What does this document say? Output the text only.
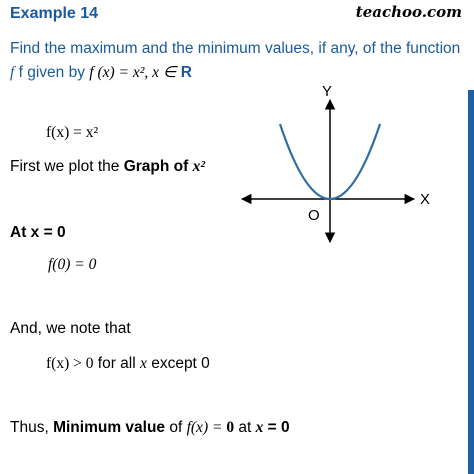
Example 14	teachoo.com
Find the maximum and the minimum values, if any, of the function
f f given by f (x) = x², x ∈ R
f(x) = x²
First we plot the Graph of x²
At x = 0
f(0) = 0
And, we note that
f(x) > 0 for all x except 0
Thus, Minimum value of f(x) = 0 at x = 0
Y
X
O
